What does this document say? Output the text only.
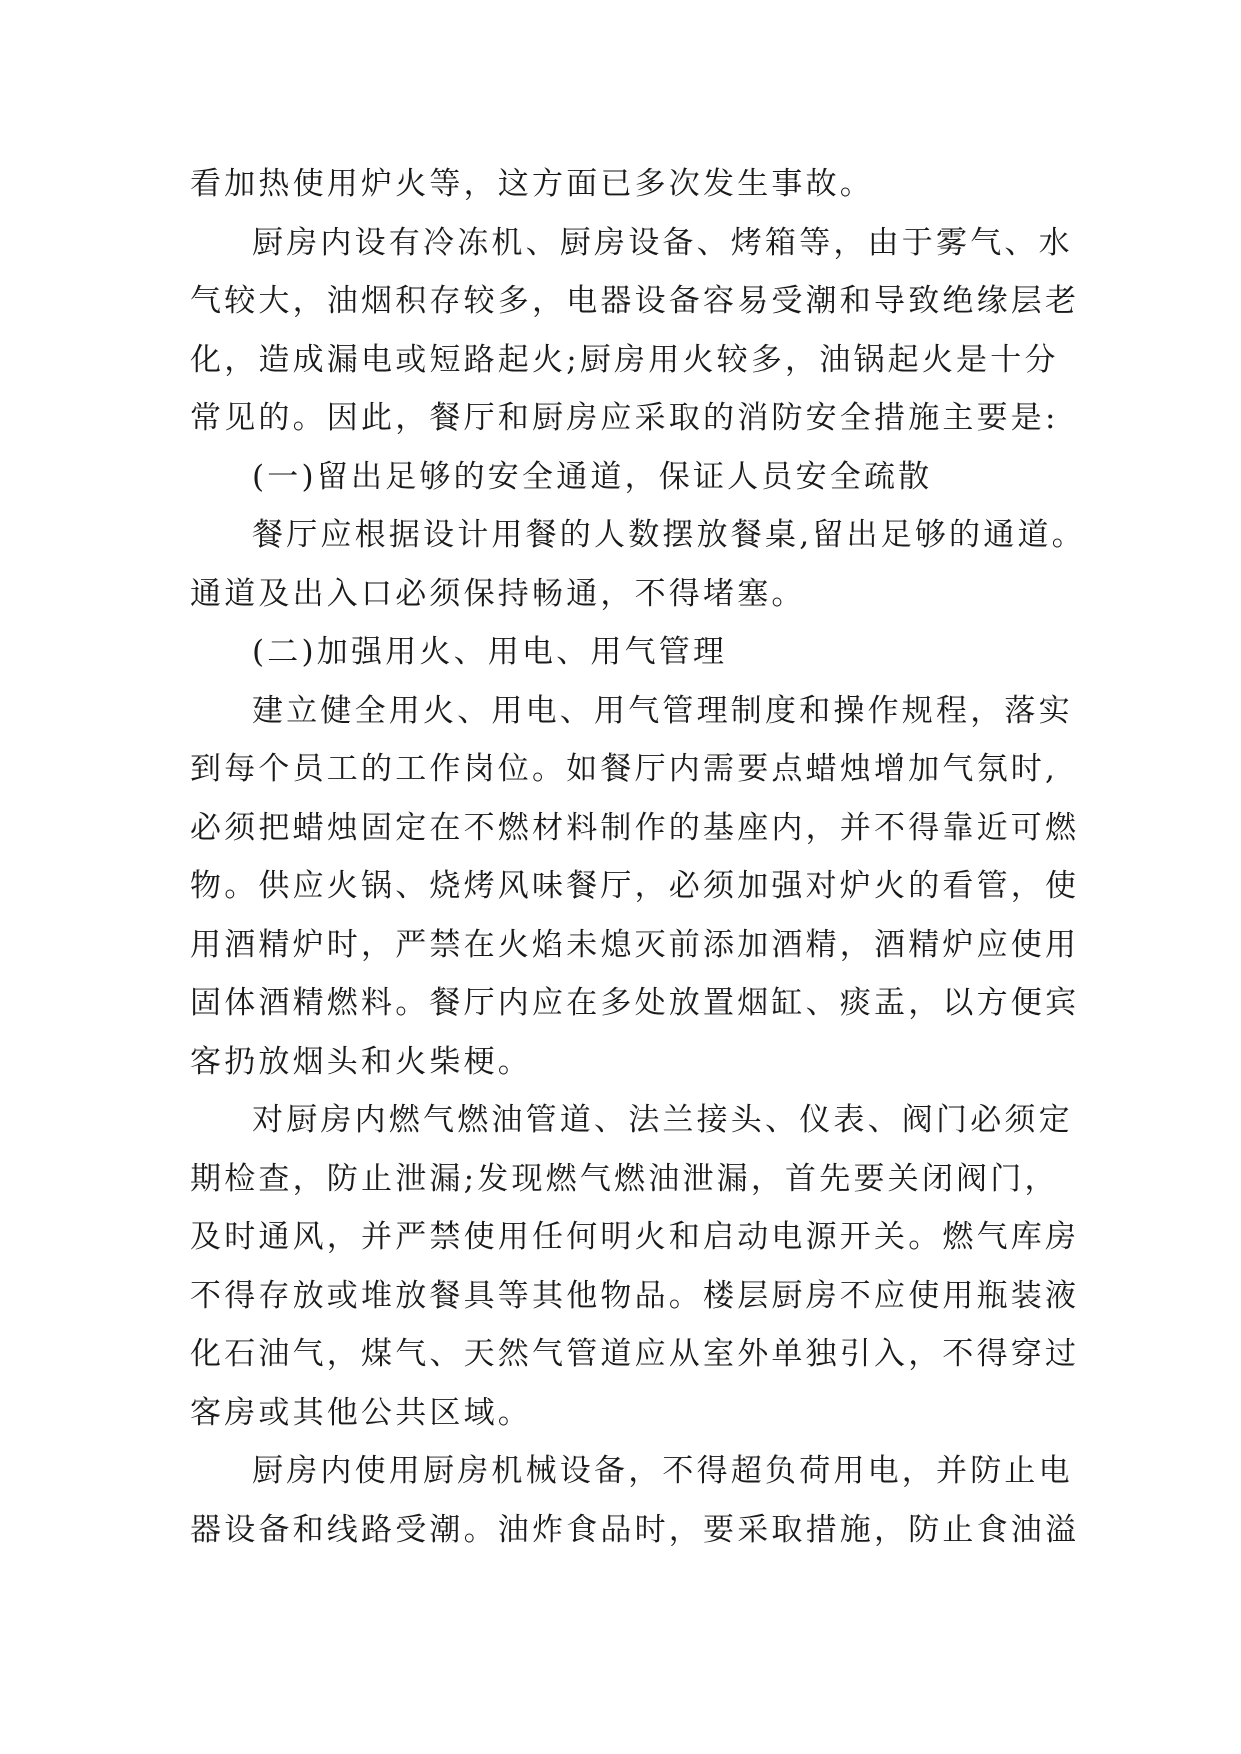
看加热使用炉火等，这方面已多次发生事故。
厨房内设有冷冻机、厨房设备、烤箱等，由于雾气、水
气较大，油烟积存较多，电器设备容易受潮和导致绝缘层老
化，造成漏电或短路起火;厨房用火较多，油锅起火是十分
常见的。因此，餐厅和厨房应采取的消防安全措施主要是:
(一)留出足够的安全通道，保证人员安全疏散
餐厅应根据设计用餐的人数摆放餐桌,留出足够的通道。
通道及出入口必须保持畅通，不得堵塞。
(二)加强用火、用电、用气管理
建立健全用火、用电、用气管理制度和操作规程，落实
到每个员工的工作岗位。如餐厅内需要点蜡烛增加气氛时,
必须把蜡烛固定在不燃材料制作的基座内，并不得靠近可燃
物。供应火锅、烧烤风味餐厅，必须加强对炉火的看管，使
用酒精炉时，严禁在火焰未熄灭前添加酒精，酒精炉应使用
固体酒精燃料。餐厅内应在多处放置烟缸、痰盂，以方便宾
客扔放烟头和火柴梗。
对厨房内燃气燃油管道、法兰接头、仪表、阀门必须定
期检查，防止泄漏;发现燃气燃油泄漏，首先要关闭阀门，
及时通风，并严禁使用任何明火和启动电源开关。燃气库房
不得存放或堆放餐具等其他物品。楼层厨房不应使用瓶装液
化石油气，煤气、天然气管道应从室外单独引入，不得穿过
客房或其他公共区域。
厨房内使用厨房机械设备，不得超负荷用电，并防止电
器设备和线路受潮。油炸食品时，要采取措施，防止食油溢
